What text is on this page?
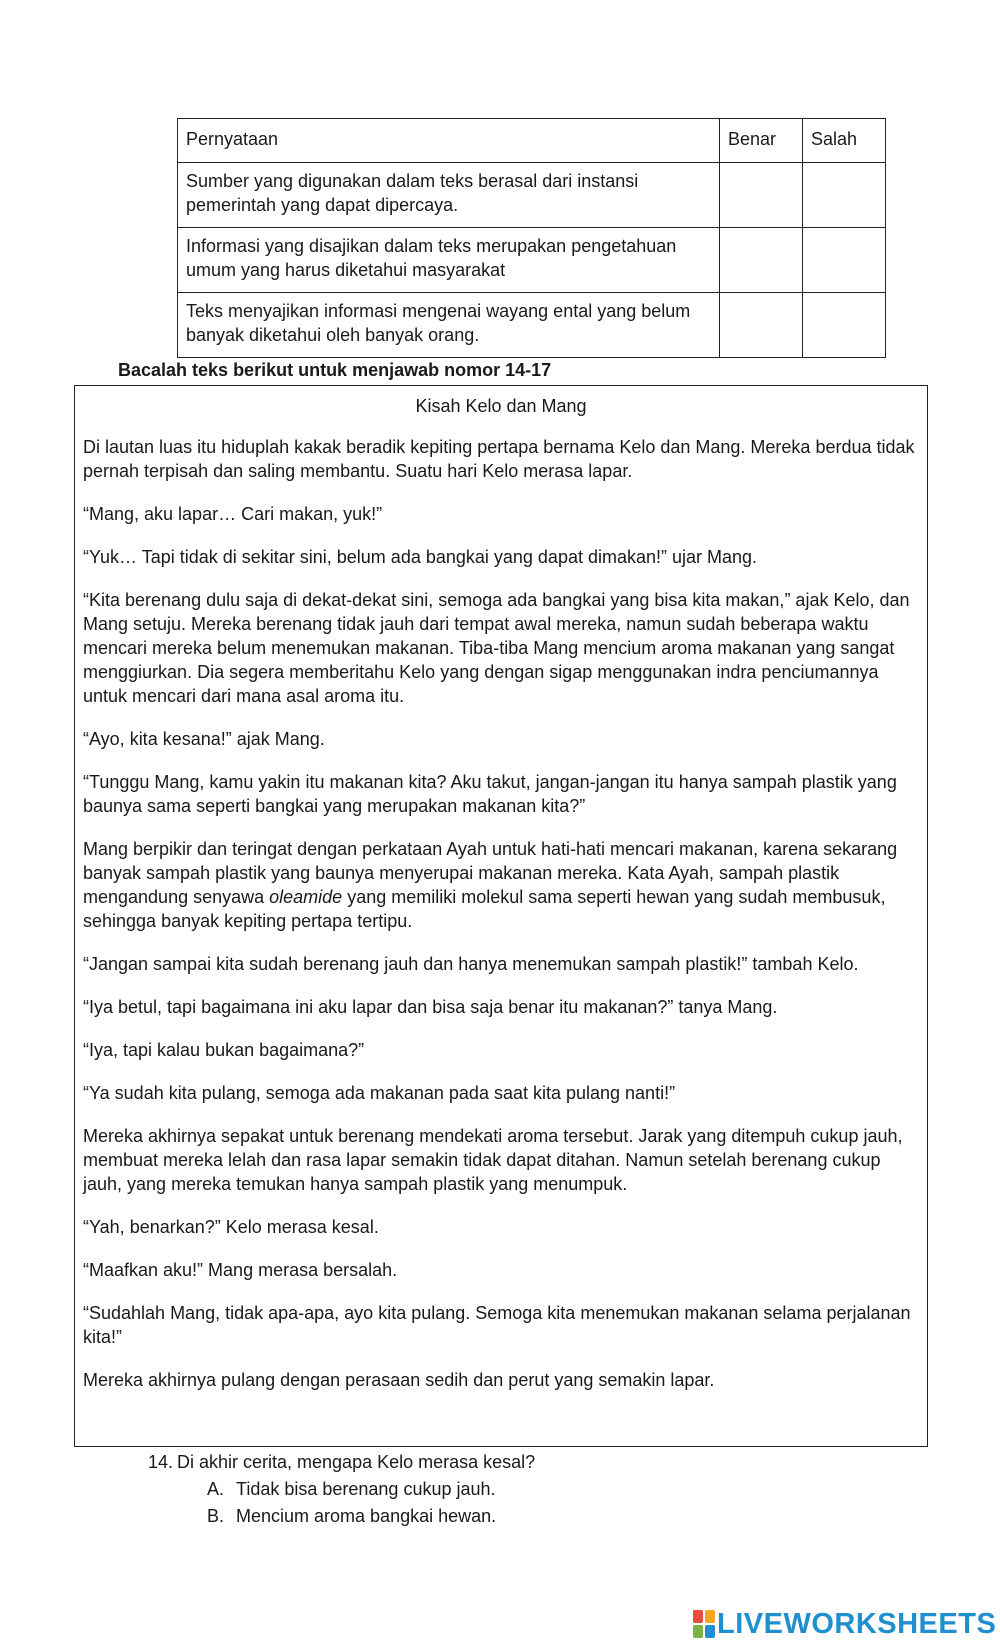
Pernyataan	Benar	Salah
Sumber yang digunakan dalam teks berasal dari instansi pemerintah yang dapat dipercaya.		
Informasi yang disajikan dalam teks merupakan pengetahuan umum yang harus diketahui masyarakat		
Teks menyajikan informasi mengenai wayang ental yang belum banyak diketahui oleh banyak orang.		
Bacalah teks berikut untuk menjawab nomor 14-17
Kisah Kelo dan Mang

Di lautan luas itu hiduplah kakak beradik kepiting pertapa bernama Kelo dan Mang. Mereka berdua tidak pernah terpisah dan saling membantu. Suatu hari Kelo merasa lapar.

“Mang, aku lapar… Cari makan, yuk!”

“Yuk… Tapi tidak di sekitar sini, belum ada bangkai yang dapat dimakan!” ujar Mang.

“Kita berenang dulu saja di dekat-dekat sini, semoga ada bangkai yang bisa kita makan,” ajak Kelo, dan Mang setuju. Mereka berenang tidak jauh dari tempat awal mereka, namun sudah beberapa waktu mencari mereka belum menemukan makanan. Tiba-tiba Mang mencium aroma makanan yang sangat menggiurkan. Dia segera memberitahu Kelo yang dengan sigap menggunakan indra penciumannya untuk mencari dari mana asal aroma itu.

“Ayo, kita kesana!” ajak Mang.

“Tunggu Mang, kamu yakin itu makanan kita? Aku takut, jangan-jangan itu hanya sampah plastik yang baunya sama seperti bangkai yang merupakan makanan kita?”

Mang berpikir dan teringat dengan perkataan Ayah untuk hati-hati mencari makanan, karena sekarang banyak sampah plastik yang baunya menyerupai makanan mereka. Kata Ayah, sampah plastik mengandung senyawa oleamide yang memiliki molekul sama seperti hewan yang sudah membusuk, sehingga banyak kepiting pertapa tertipu.

“Jangan sampai kita sudah berenang jauh dan hanya menemukan sampah plastik!” tambah Kelo.

“Iya betul, tapi bagaimana ini aku lapar dan bisa saja benar itu makanan?” tanya Mang.

“Iya, tapi kalau bukan bagaimana?”

“Ya sudah kita pulang, semoga ada makanan pada saat kita pulang nanti!”

Mereka akhirnya sepakat untuk berenang mendekati aroma tersebut. Jarak yang ditempuh cukup jauh, membuat mereka lelah dan rasa lapar semakin tidak dapat ditahan. Namun setelah berenang cukup jauh, yang mereka temukan hanya sampah plastik yang menumpuk.

“Yah, benarkan?” Kelo merasa kesal.

“Maafkan aku!” Mang merasa bersalah.

“Sudahlah Mang, tidak apa-apa, ayo kita pulang. Semoga kita menemukan makanan selama perjalanan kita!”

Mereka akhirnya pulang dengan perasaan sedih dan perut yang semakin lapar.

14. Di akhir cerita, mengapa Kelo merasa kesal?
A. Tidak bisa berenang cukup jauh.
B. Mencium aroma bangkai hewan.
LIVEWORKSHEETS
